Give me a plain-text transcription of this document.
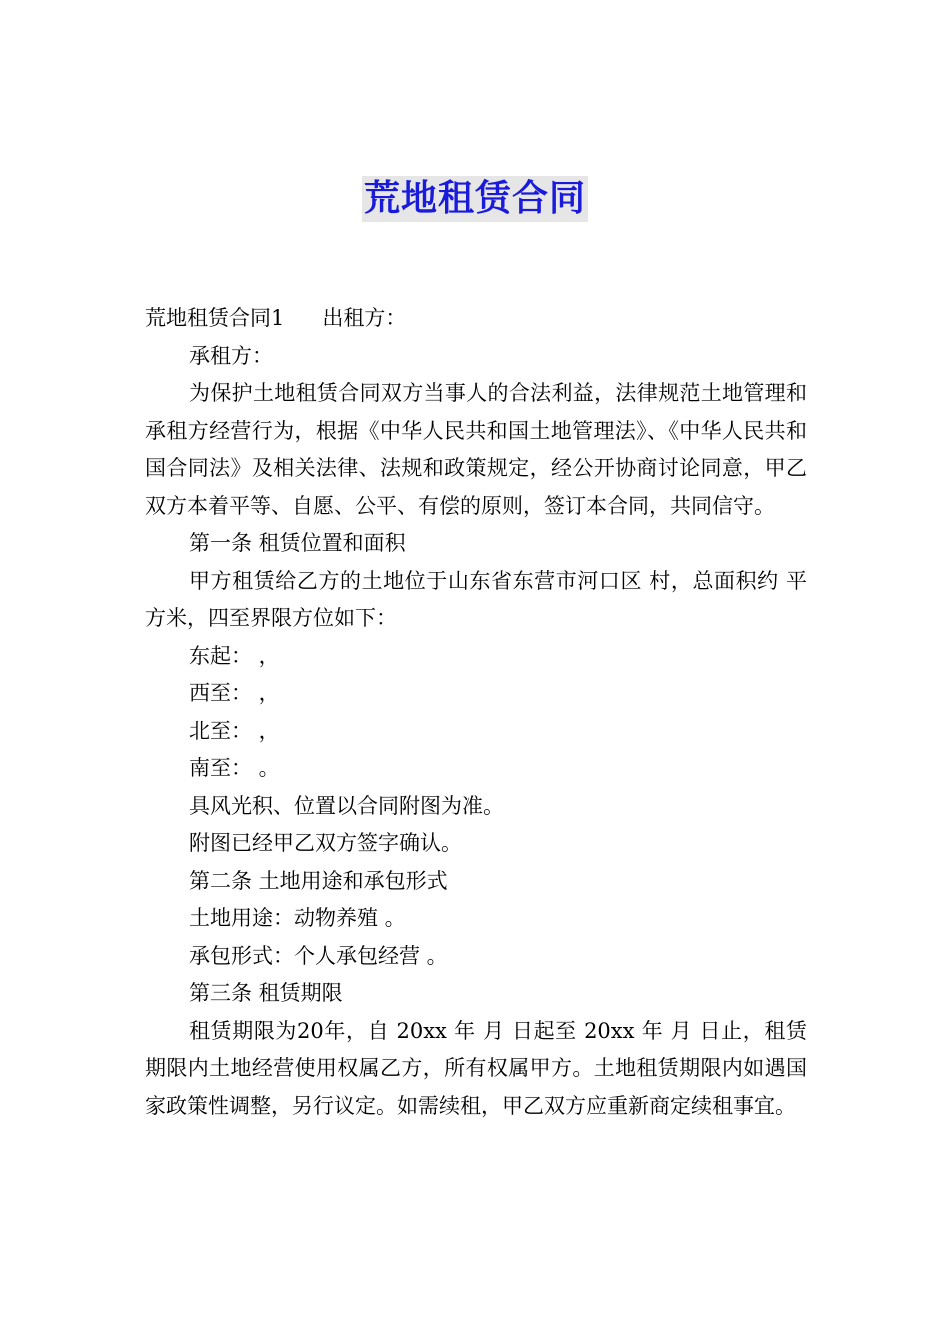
荒地租赁合同

荒地租赁合同1 出租方：

承租方：

为保护土地租赁合同双方当事人的合法利益，法律规范土地管理和承租方经营行为，根据《中华人民共和国土地管理法》、《中华人民共和国合同法》及相关法律、法规和政策规定，经公开协商讨论同意，甲乙双方本着平等、自愿、公平、有偿的原则，签订本合同，共同信守。

第一条 租赁位置和面积

甲方租赁给乙方的土地位于山东省东营市河口区 村，总面积约 平方米，四至界限方位如下：

东起： ，

西至： ，

北至： ，

南至： 。

具风光积、位置以合同附图为准。

附图已经甲乙双方签字确认。

第二条 土地用途和承包形式

土地用途：动物养殖 。

承包形式：个人承包经营 。

第三条 租赁期限

租赁期限为20年，自 20xx 年 月 日起至 20xx 年 月 日止，租赁期限内土地经营使用权属乙方，所有权属甲方。土地租赁期限内如遇国家政策性调整，另行议定。如需续租，甲乙双方应重新商定续租事宜。
